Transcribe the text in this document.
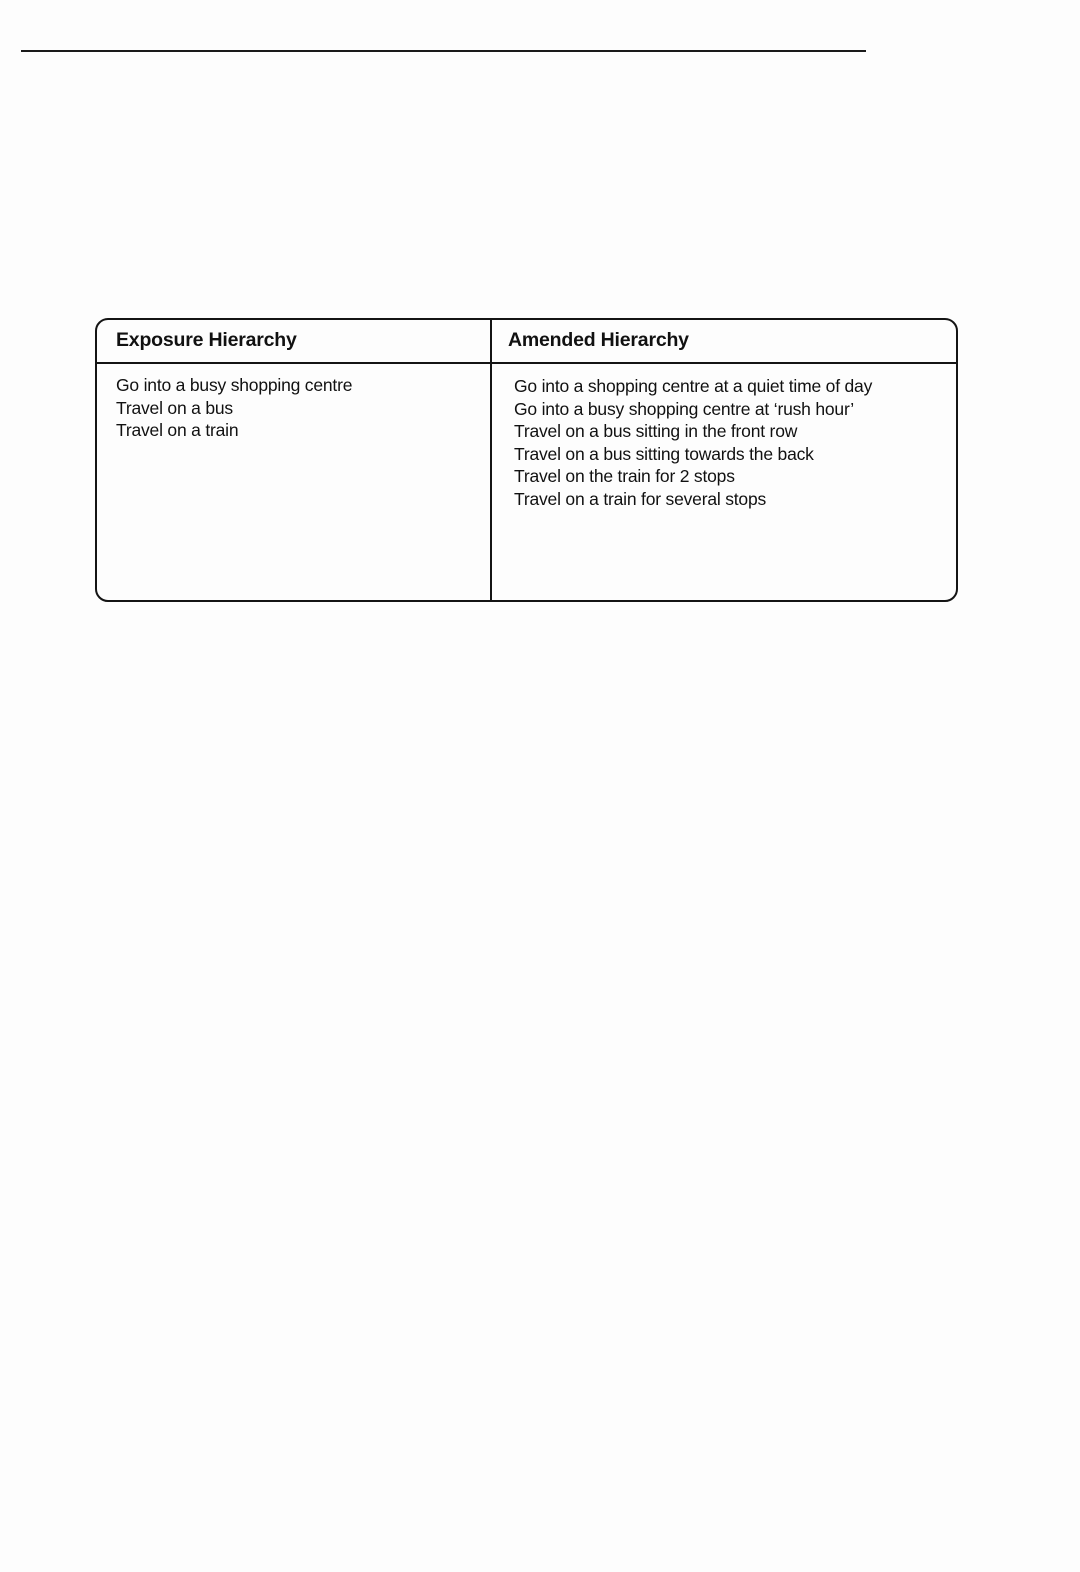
Exposure Hierarchy	Amended Hierarchy
Go into a busy shopping centre
Travel on a bus
Travel on a train
Go into a shopping centre at a quiet time of day
Go into a busy shopping centre at ‘rush hour’
Travel on a bus sitting in the front row
Travel on a bus sitting towards the back
Travel on the train for 2 stops
Travel on a train for several stops
